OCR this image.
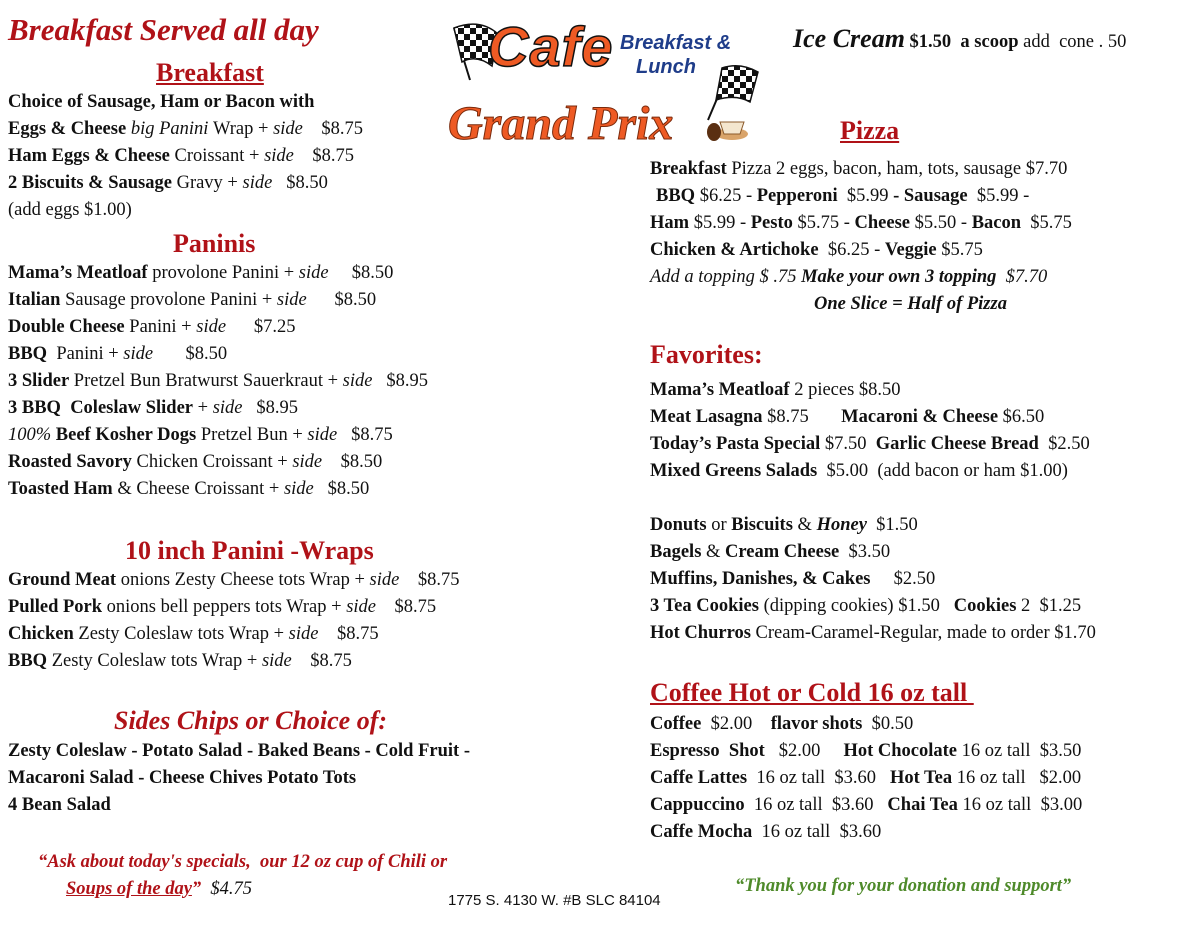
Breakfast Served all day
Breakfast
Choice of Sausage, Ham or Bacon with
Eggs & Cheese big Panini Wrap + side    $8.75
Ham Eggs & Cheese Croissant + side    $8.75
2 Biscuits & Sausage Gravy + side   $8.50
(add eggs $1.00)
Paninis
Mama’s Meatloaf provolone Panini + side     $8.50
Italian Sausage provolone Panini + side      $8.50
Double Cheese Panini + side      $7.25
BBQ  Panini + side       $8.50
3 Slider Pretzel Bun Bratwurst Sauerkraut + side   $8.95
3 BBQ  Coleslaw Slider + side   $8.95
100% Beef Kosher Dogs Pretzel Bun + side   $8.75
Roasted Savory Chicken Croissant + side    $8.50
Toasted Ham & Cheese Croissant + side   $8.50
10 inch Panini -Wraps
Ground Meat onions Zesty Cheese tots Wrap + side    $8.75
Pulled Pork onions bell peppers tots Wrap + side    $8.75
Chicken Zesty Coleslaw tots Wrap + side    $8.75
BBQ Zesty Coleslaw tots Wrap + side    $8.75
Sides Chips or Choice of:
Zesty Coleslaw - Potato Salad - Baked Beans - Cold Fruit -
Macaroni Salad - Cheese Chives Potato Tots
4 Bean Salad
“Ask about today's specials,  our 12 oz cup of Chili or
Soups of the day”  $4.75
1775 S. 4130 W. #B SLC 84104
Cafe Breakfast &
Lunch
Grand Prix
Ice Cream $1.50  a scoop add  cone . 50
Pizza
Breakfast Pizza 2 eggs, bacon, ham, tots, sausage $7.70
BBQ $6.25 - Pepperoni  $5.99 - Sausage  $5.99 -
Ham $5.99 - Pesto $5.75 - Cheese $5.50 - Bacon  $5.75
Chicken & Artichoke  $6.25 - Veggie $5.75
Add a topping $ .75 Make your own 3 topping  $7.70
One Slice = Half of Pizza
Favorites:
Mama’s Meatloaf 2 pieces $8.50
Meat Lasagna $8.75       Macaroni & Cheese $6.50
Today’s Pasta Special $7.50  Garlic Cheese Bread  $2.50
Mixed Greens Salads  $5.00  (add bacon or ham $1.00)
Donuts or Biscuits & Honey  $1.50
Bagels & Cream Cheese  $3.50
Muffins, Danishes, & Cakes     $2.50
3 Tea Cookies (dipping cookies) $1.50   Cookies 2  $1.25
Hot Churros Cream-Caramel-Regular, made to order $1.70
Coffee Hot or Cold 16 oz tall
Coffee  $2.00    flavor shots  $0.50
Espresso  Shot   $2.00     Hot Chocolate 16 oz tall  $3.50
Caffe Lattes  16 oz tall  $3.60   Hot Tea 16 oz tall   $2.00
Cappuccino  16 oz tall  $3.60   Chai Tea 16 oz tall  $3.00
Caffe Mocha  16 oz tall  $3.60
“Thank you for your donation and support”
